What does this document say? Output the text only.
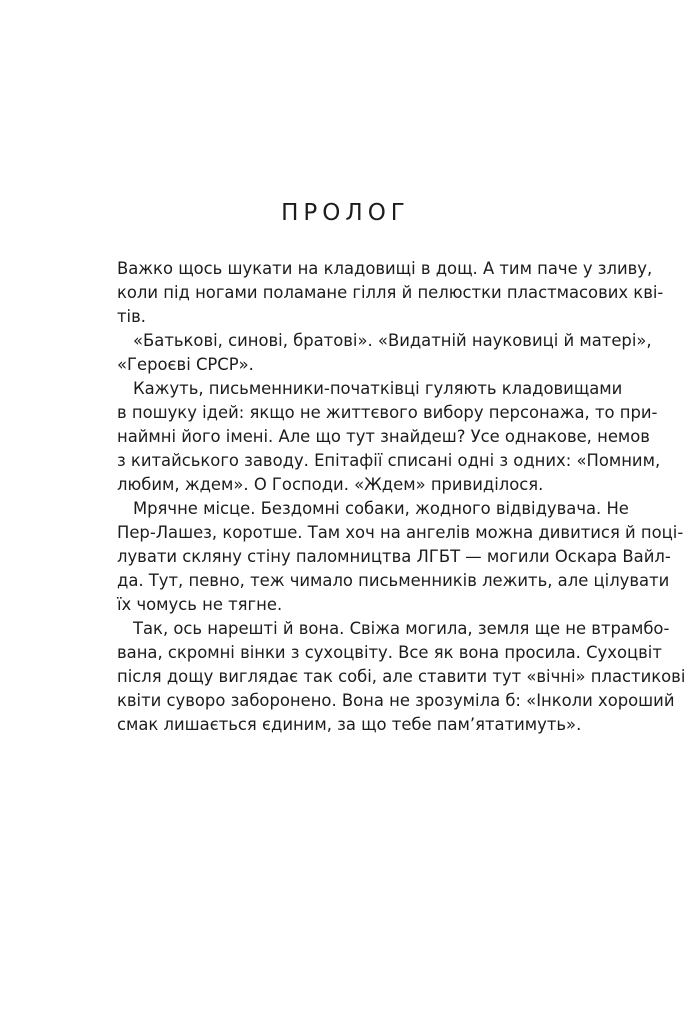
ПРОЛОГ
Важко щось шукати на кладовищі в дощ. А тим паче у зливу,
коли під ногами поламане гілля й пелюстки пластмасових кві-
тів.
«Батькові, синові, братові». «Видатній науковиці й матері»,
«Героєві СРСР».
Кажуть, письменники-початківці гуляють кладовищами
в пошуку ідей: якщо не життєвого вибору персонажа, то при-
наймні його імені. Але що тут знайдеш? Усе однакове, немов
з китайського заводу. Епітафії списані одні з одних: «Помним,
любим, ждем». О Господи. «Ждем» привиділося.
Мрячне місце. Бездомні собаки, жодного відвідувача. Не
Пер-Лашез, коротше. Там хоч на ангелів можна дивитися й поці-
лувати скляну стіну паломництва ЛГБТ — могили Оскара Вайл-
да. Тут, певно, теж чимало письменників лежить, але цілувати
їх чомусь не тягне.
Так, ось нарешті й вона. Свіжа могила, земля ще не втрамбо-
вана, скромні вінки з сухоцвіту. Все як вона просила. Сухоцвіт
після дощу виглядає так собі, але ставити тут «вічні» пластикові
квіти суворо заборонено. Вона не зрозуміла б: «Інколи хороший
смак лишається єдиним, за що тебе пам’ятатимуть».
